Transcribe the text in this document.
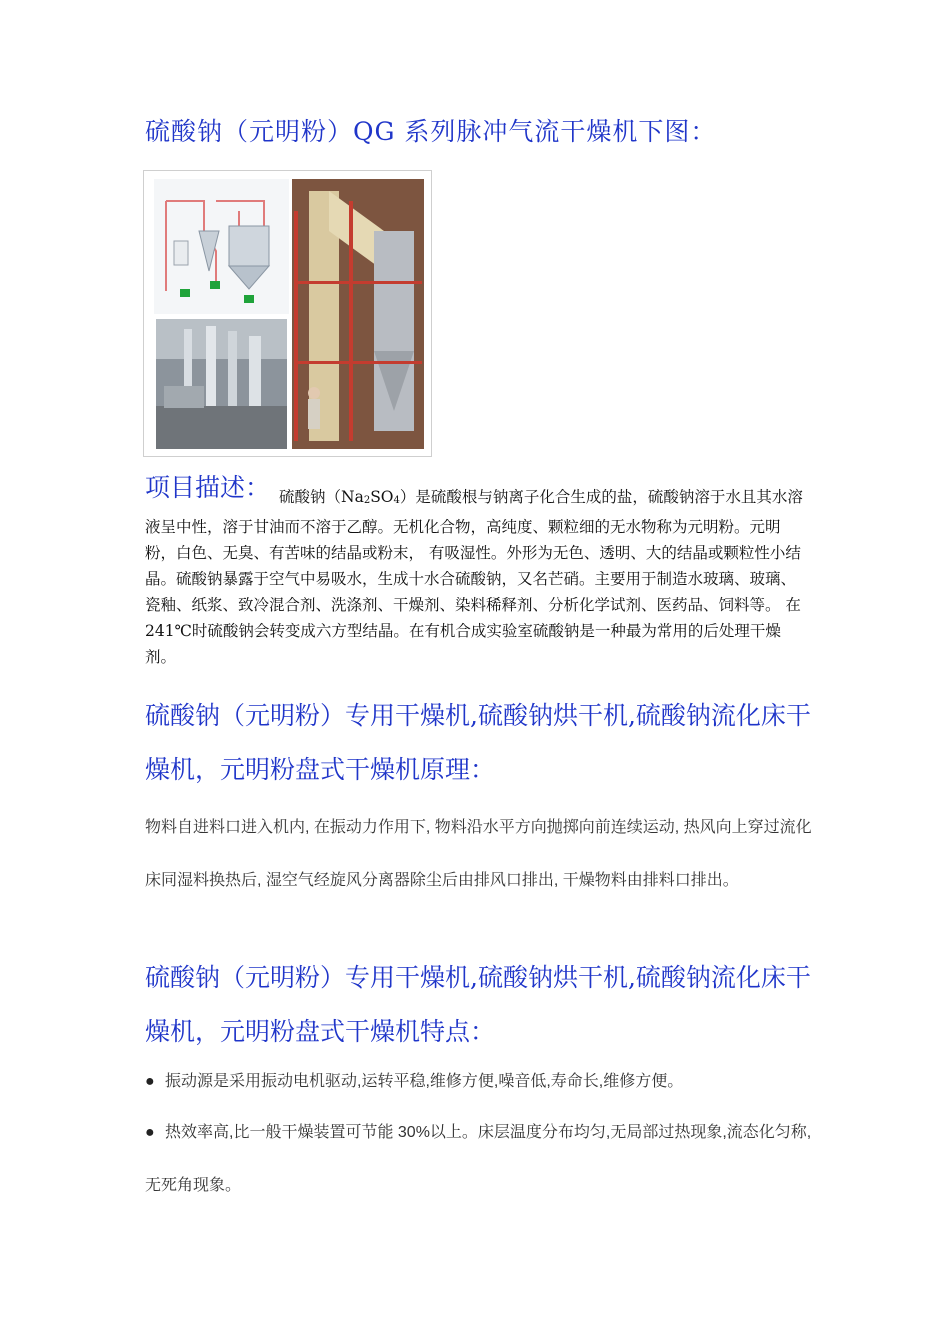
硫酸钠（元明粉）QG 系列脉冲气流干燥机下图：
项目描述： 硫酸钠（Na2SO4）是硫酸根与钠离子化合生成的盐，硫酸钠溶于水且其水溶液呈中性，溶于甘油而不溶于乙醇。无机化合物，高纯度、颗粒细的无水物称为元明粉。元明粉，白色、无臭、有苦味的结晶或粉末， 有吸湿性。外形为无色、透明、大的结晶或颗粒性小结晶。硫酸钠暴露于空气中易吸水，生成十水合硫酸钠，又名芒硝。主要用于制造水玻璃、玻璃、瓷釉、纸浆、致冷混合剂、洗涤剂、干燥剂、染料稀释剂、分析化学试剂、医药品、饲料等。 在 241℃时硫酸钠会转变成六方型结晶。在有机合成实验室硫酸钠是一种最为常用的后处理干燥剂。
硫酸钠（元明粉）专用干燥机,硫酸钠烘干机,硫酸钠流化床干燥机，元明粉盘式干燥机原理：
物料自进料口进入机内, 在振动力作用下, 物料沿水平方向抛掷向前连续运动, 热风向上穿过流化床同湿料换热后, 湿空气经旋风分离器除尘后由排风口排出, 干燥物料由排料口排出。
硫酸钠（元明粉）专用干燥机,硫酸钠烘干机,硫酸钠流化床干燥机，元明粉盘式干燥机特点：
● 振动源是采用振动电机驱动,运转平稳,维修方便,噪音低,寿命长,维修方便。
● 热效率高,比一般干燥装置可节能 30%以上。床层温度分布均匀,无局部过热现象,流态化匀称,无死角现象。
